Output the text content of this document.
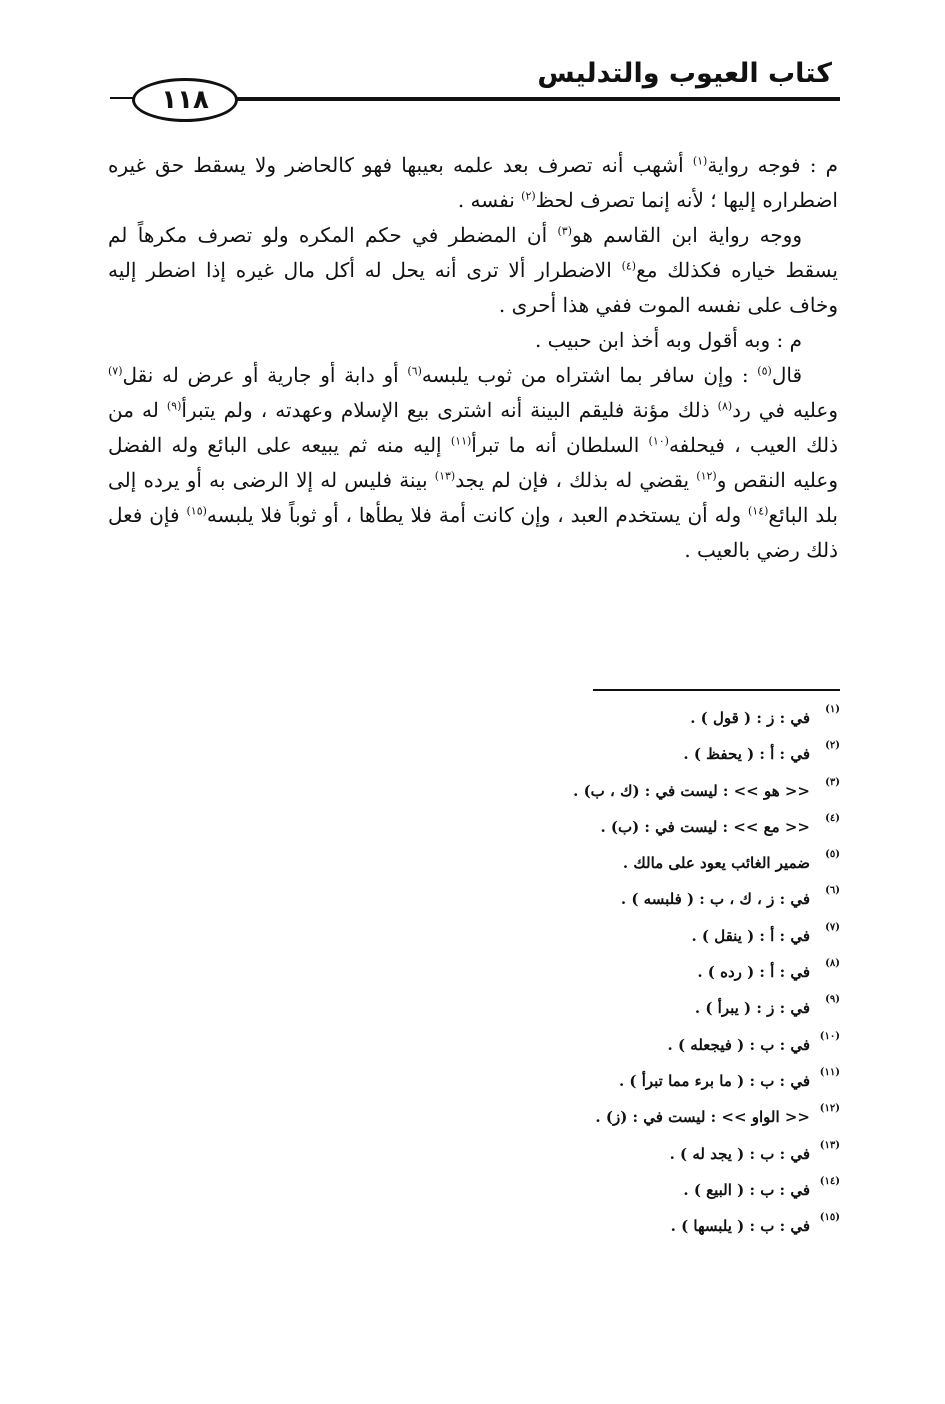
كتاب العيوب والتدليس
١١٨

م : فوجه رواية$^{(١)}$ أشهب أنه تصرف بعد علمه بعيبها فهو كالحاضر ولا يسقط حق غيره اضطراره إليها ؛ لأنه إنما تصرف لحظ$^{(٢)}$ نفسه .

ووجه رواية ابن القاسم هو$^{(٣)}$ أن المضطر في حكم المكره ولو تصرف مكرهاً لم يسقط خياره فكذلك مع$^{(٤)}$ الاضطرار ألا ترى أنه يحل له أكل مال غيره إذا اضطر إليه وخاف على نفسه الموت ففي هذا أحرى .

م : وبه أقول وبه أخذ ابن حبيب .

قال$^{(٥)}$ : وإن سافر بما اشتراه من ثوب يلبسه$^{(٦)}$ أو دابة أو جارية أو عرض له نقل$^{(٧)}$ وعليه في رد$^{(٨)}$ ذلك مؤنة فليقم البينة أنه اشترى بيع الإسلام وعهدته ، ولم يتبرأ$^{(٩)}$ له من ذلك العيب ، فيحلفه$^{(١٠)}$ السلطان أنه ما تبرأ$^{(١١)}$ إليه منه ثم يبيعه على البائع وله الفضل وعليه النقص و$^{(١٢)}$ يقضي له بذلك ، فإن لم يجد$^{(١٣)}$ بينة فليس له إلا الرضى به أو يرده إلى بلد البائع$^{(١٤)}$ وله أن يستخدم العبد ، وإن كانت أمة فلا يطأها ، أو ثوباً فلا يلبسه$^{(١٥)}$ فإن فعل ذلك رضي بالعيب .

(١)
في : ز : ( قول ) .
(٢)
في : أ : ( يحفظ ) .
(٣)
<< هو >> : ليست في : (ك ، ب) .
(٤)
<< مع >> : ليست في : (ب) .
(٥)
ضمير الغائب يعود على مالك .
(٦)
في : ز ، ك ، ب : ( فلبسه ) .
(٧)
في : أ : ( ينقل ) .
(٨)
في : أ : ( رده ) .
(٩)
في : ز : ( يبرأ ) .
(١٠)
في : ب : ( فيجعله ) .
(١١)
في : ب : ( ما برء مما تبرأ ) .
(١٢)
<< الواو >> : ليست في : (ز) .
(١٣)
في : ب : ( يجد له ) .
(١٤)
في : ب : ( البيع ) .
(١٥)
في : ب : ( يلبسها ) .
